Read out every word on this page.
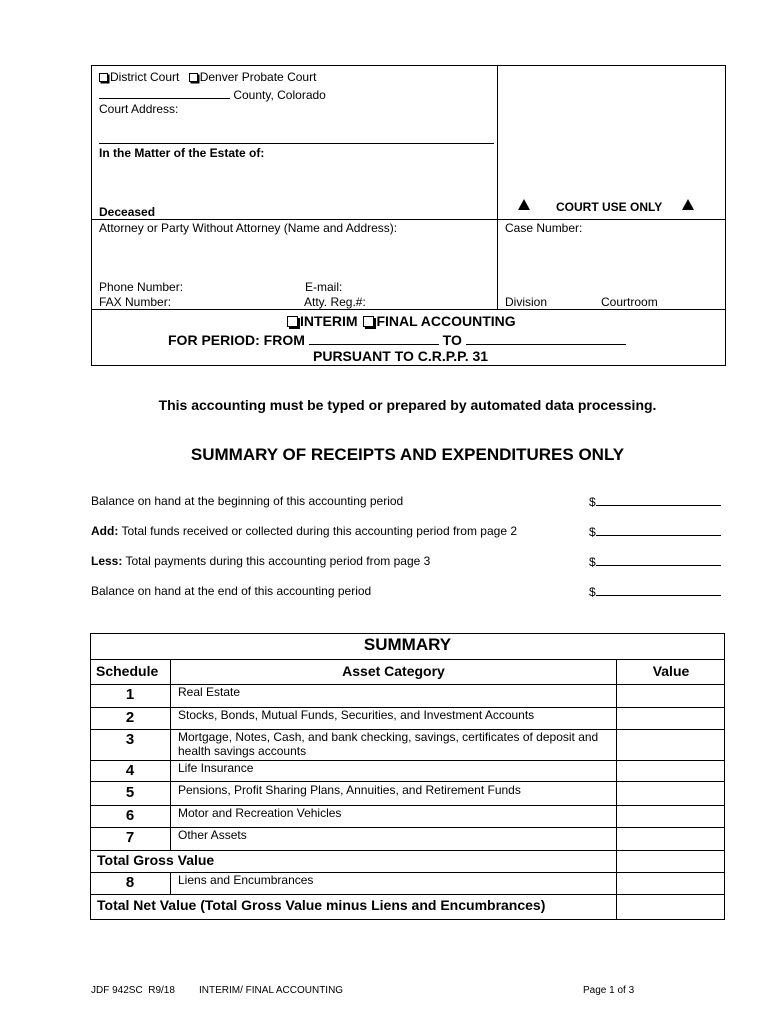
District Court Denver Probate Court
County, Colorado
Court Address:
In the Matter of the Estate of:
Deceased	COURT USE ONLY
Attorney or Party Without Attorney (Name and Address):	Case Number:
Phone Number:	E-mail:
FAX Number:	Atty. Reg.#:	Division	Courtroom
INTERIM FINAL ACCOUNTING
FOR PERIOD: FROM	TO
PURSUANT TO C.R.P.P. 31
This accounting must be typed or prepared by automated data processing.
SUMMARY OF RECEIPTS AND EXPENDITURES ONLY
Balance on hand at the beginning of this accounting period	$
Add: Total funds received or collected during this accounting period from page 2	$
Less: Total payments during this accounting period from page 3	$
Balance on hand at the end of this accounting period	$
SUMMARY
Schedule	Asset Category	Value
1	Real Estate
2	Stocks, Bonds, Mutual Funds, Securities, and Investment Accounts
3	Mortgage, Notes, Cash, and bank checking, savings, certificates of deposit and health savings accounts
4	Life Insurance
5	Pensions, Profit Sharing Plans, Annuities, and Retirement Funds
6	Motor and Recreation Vehicles
7	Other Assets
Total Gross Value
8	Liens and Encumbrances
Total Net Value (Total Gross Value minus Liens and Encumbrances)
JDF 942SC R9/18 INTERIM/ FINAL ACCOUNTING	Page 1 of 3
